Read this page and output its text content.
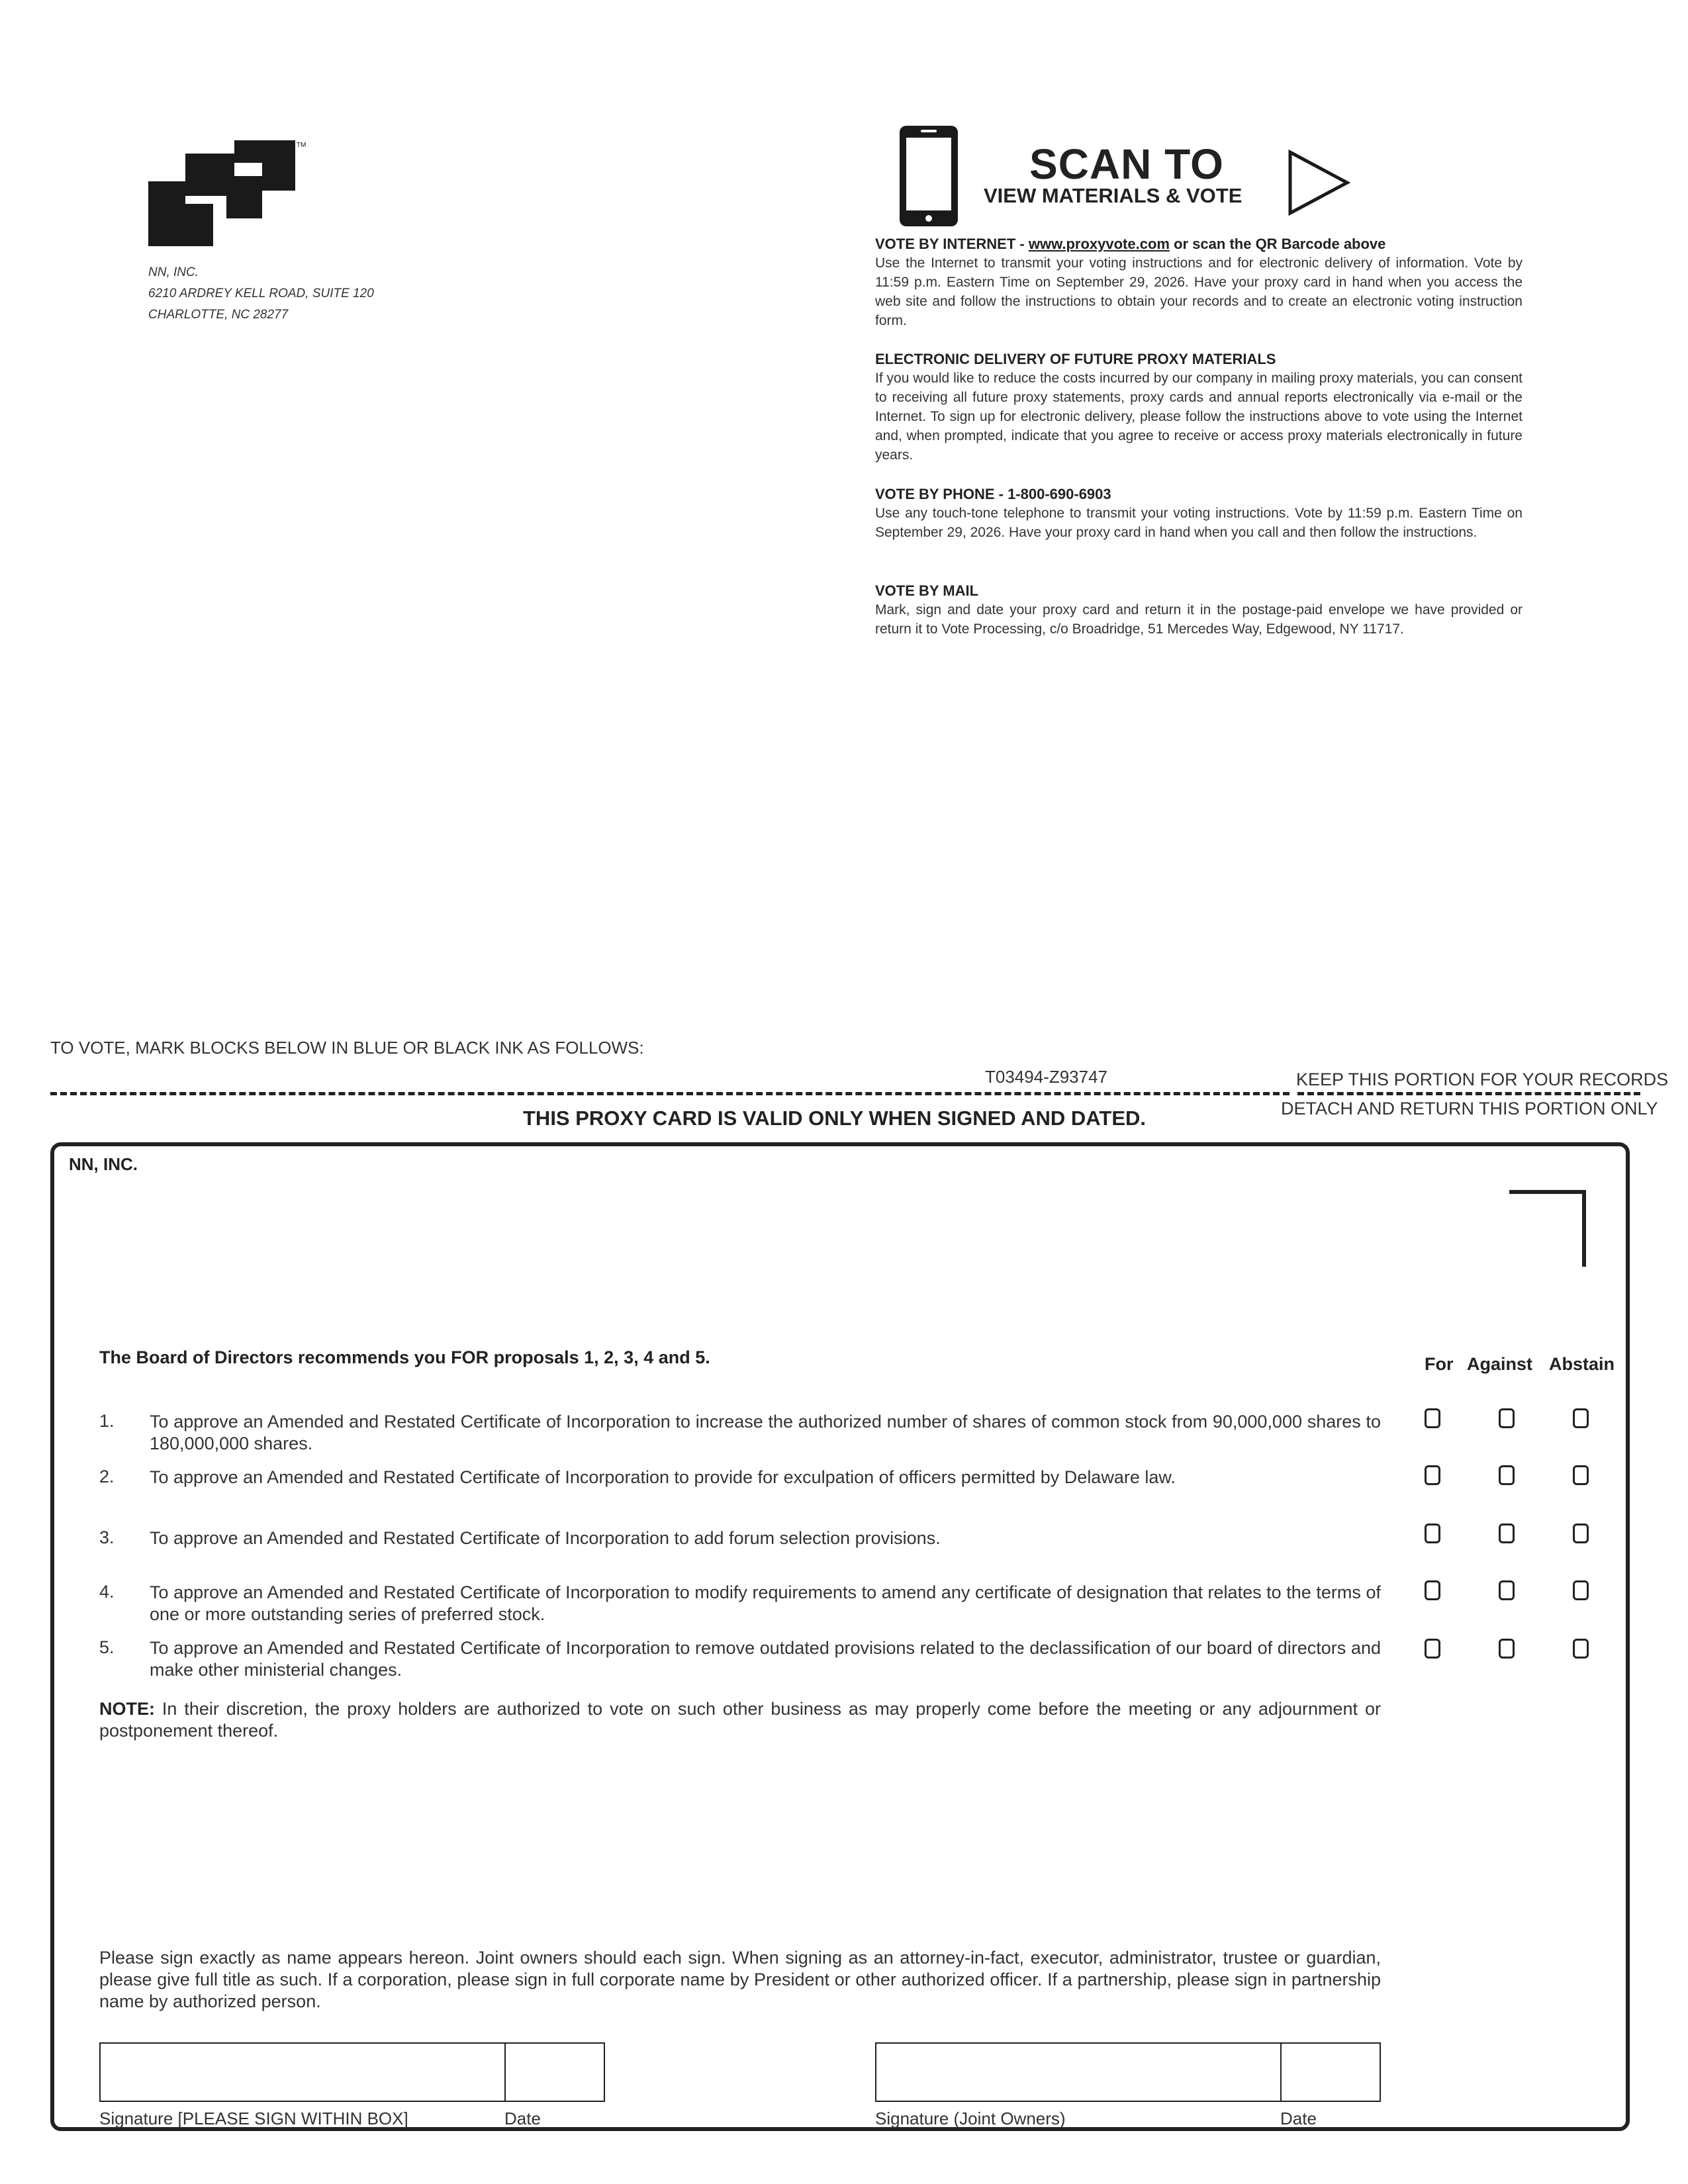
TM
NN, INC.
6210 ARDREY KELL ROAD, SUITE 120
CHARLOTTE, NC 28277
SCAN TO
VIEW MATERIALS & VOTE
VOTE BY INTERNET - www.proxyvote.com or scan the QR Barcode above

Use the Internet to transmit your voting instructions and for electronic delivery of information. Vote by 11:59 p.m. Eastern Time on September 29, 2026. Have your proxy card in hand when you access the web site and follow the instructions to obtain your records and to create an electronic voting instruction form.

ELECTRONIC DELIVERY OF FUTURE PROXY MATERIALS

If you would like to reduce the costs incurred by our company in mailing proxy materials, you can consent to receiving all future proxy statements, proxy cards and annual reports electronically via e-mail or the Internet. To sign up for electronic delivery, please follow the instructions above to vote using the Internet and, when prompted, indicate that you agree to receive or access proxy materials electronically in future years.

VOTE BY PHONE - 1-800-690-6903

Use any touch-tone telephone to transmit your voting instructions. Vote by 11:59 p.m. Eastern Time on September 29, 2026. Have your proxy card in hand when you call and then follow the instructions.

VOTE BY MAIL

Mark, sign and date your proxy card and return it in the postage-paid envelope we have provided or return it to Vote Processing, c/o Broadridge, 51 Mercedes Way, Edgewood, NY 11717.

TO VOTE, MARK BLOCKS BELOW IN BLUE OR BLACK INK AS FOLLOWS:
T03494-Z93747	KEEP THIS PORTION FOR YOUR RECORDS
DETACH AND RETURN THIS PORTION ONLY
THIS PROXY CARD IS VALID ONLY WHEN SIGNED AND DATED.
NN, INC.
The Board of Directors recommends you FOR proposals 1, 2, 3, 4 and 5.	For Against Abstain
1. To approve an Amended and Restated Certificate of Incorporation to increase the authorized number of shares of common stock from 90,000,000 shares to 180,000,000 shares.
2. To approve an Amended and Restated Certificate of Incorporation to provide for exculpation of officers permitted by Delaware law.
3. To approve an Amended and Restated Certificate of Incorporation to add forum selection provisions.
4. To approve an Amended and Restated Certificate of Incorporation to modify requirements to amend any certificate of designation that relates to the terms of one or more outstanding series of preferred stock.
5. To approve an Amended and Restated Certificate of Incorporation to remove outdated provisions related to the declassification of our board of directors and make other ministerial changes.
NOTE: In their discretion, the proxy holders are authorized to vote on such other business as may properly come before the meeting or any adjournment or postponement thereof.
Please sign exactly as name appears hereon. Joint owners should each sign. When signing as an attorney-in-fact, executor, administrator, trustee or guardian, please give full title as such. If a corporation, please sign in full corporate name by President or other authorized officer. If a partnership, please sign in partnership name by authorized person.
Signature [PLEASE SIGN WITHIN BOX]	Date	Signature (Joint Owners)	Date
